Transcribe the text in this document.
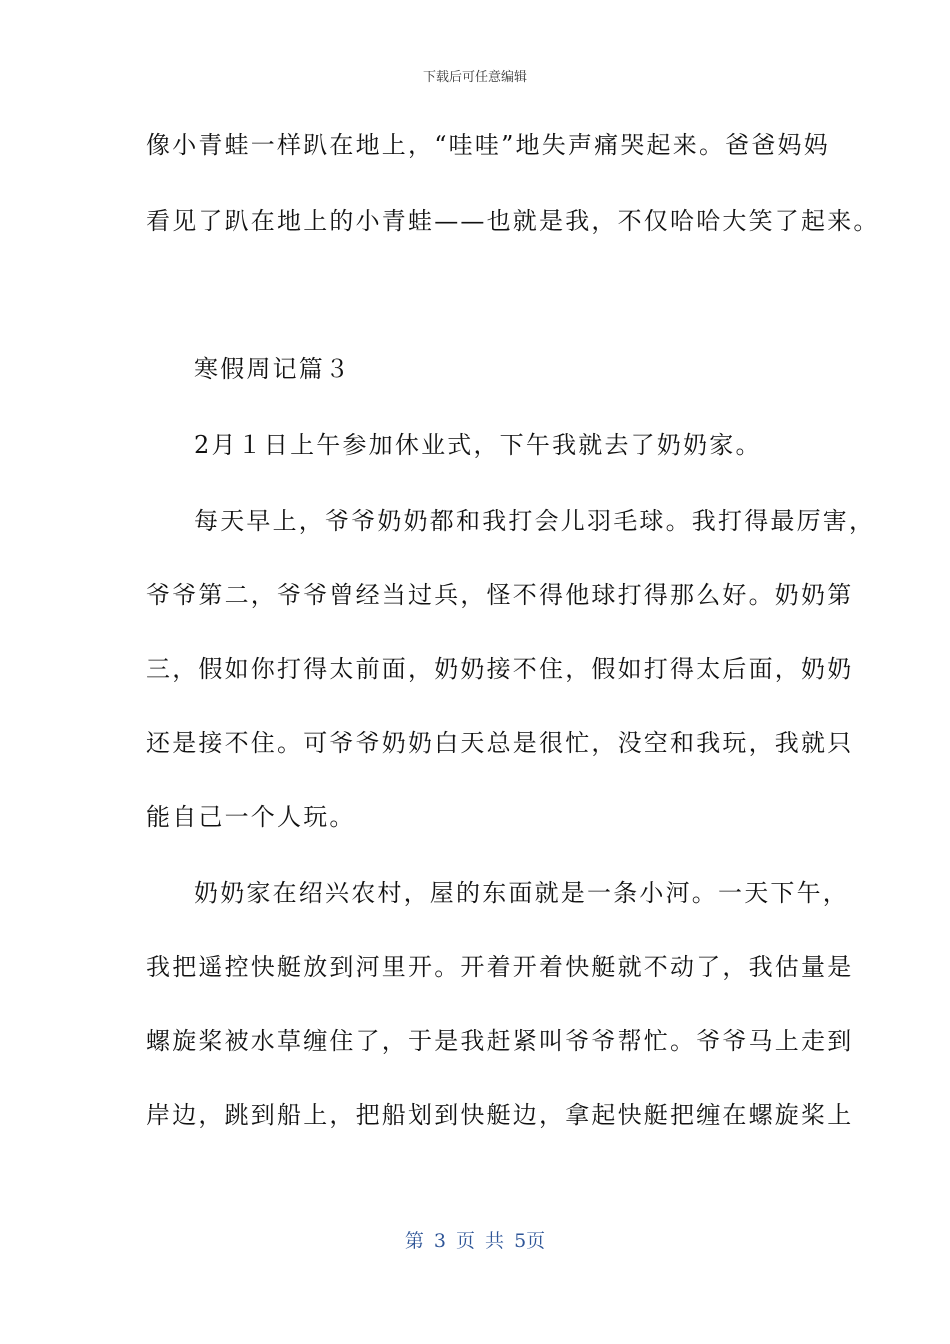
下载后可任意编辑
像小青蛙一样趴在地上，“哇哇”地失声痛哭起来。爸爸妈妈
看见了趴在地上的小青蛙——也就是我，不仅哈哈大笑了起来。
寒假周记篇３
2月１日上午参加休业式，下午我就去了奶奶家。
每天早上，爷爷奶奶都和我打会儿羽毛球。我打得最厉害，
爷爷第二，爷爷曾经当过兵，怪不得他球打得那么好。奶奶第
三，假如你打得太前面，奶奶接不住，假如打得太后面，奶奶
还是接不住。可爷爷奶奶白天总是很忙，没空和我玩，我就只
能自己一个人玩。
奶奶家在绍兴农村，屋的东面就是一条小河。一天下午，
我把遥控快艇放到河里开。开着开着快艇就不动了，我估量是
螺旋桨被水草缠住了，于是我赶紧叫爷爷帮忙。爷爷马上走到
岸边，跳到船上，把船划到快艇边，拿起快艇把缠在螺旋桨上
第 3 页 共 5页
